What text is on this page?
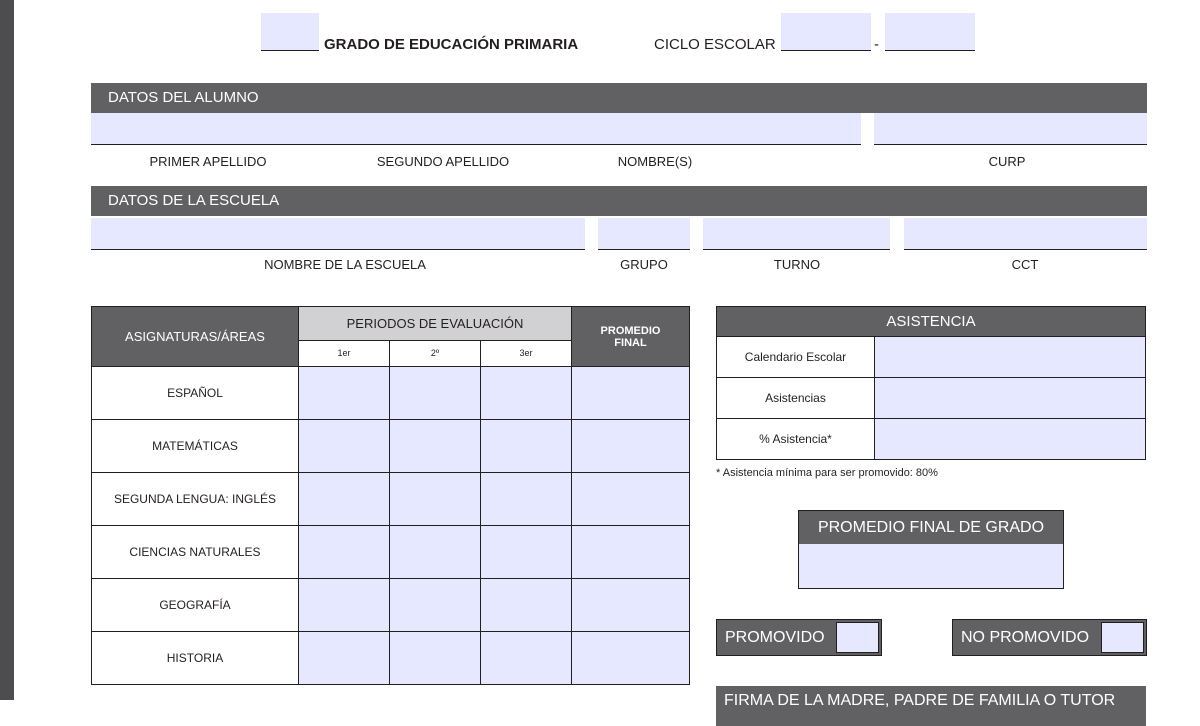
GRADO DE EDUCACIÓN PRIMARIA	CICLO ESCOLAR	-
DATOS DEL ALUMNO
PRIMER APELLIDO	SEGUNDO APELLIDO	NOMBRE(S)	CURP
DATOS DE LA ESCUELA
NOMBRE DE LA ESCUELA	GRUPO	TURNO	CCT
ASIGNATURAS/ÁREAS	PERIODOS DE EVALUACIÓN			PROMEDIO FINAL
	1er	2º	3er	
ESPAÑOL				
MATEMÁTICAS				
SEGUNDA LENGUA: INGLÉS				
CIENCIAS NATURALES				
GEOGRAFÍA				
HISTORIA				
ASISTENCIA	
Calendario Escolar	
Asistencias	
% Asistencia*	
* Asistencia mínima para ser promovido: 80%
PROMEDIO FINAL DE GRADO
PROMOVIDO	NO PROMOVIDO
FIRMA DE LA MADRE, PADRE DE FAMILIA O TUTOR
